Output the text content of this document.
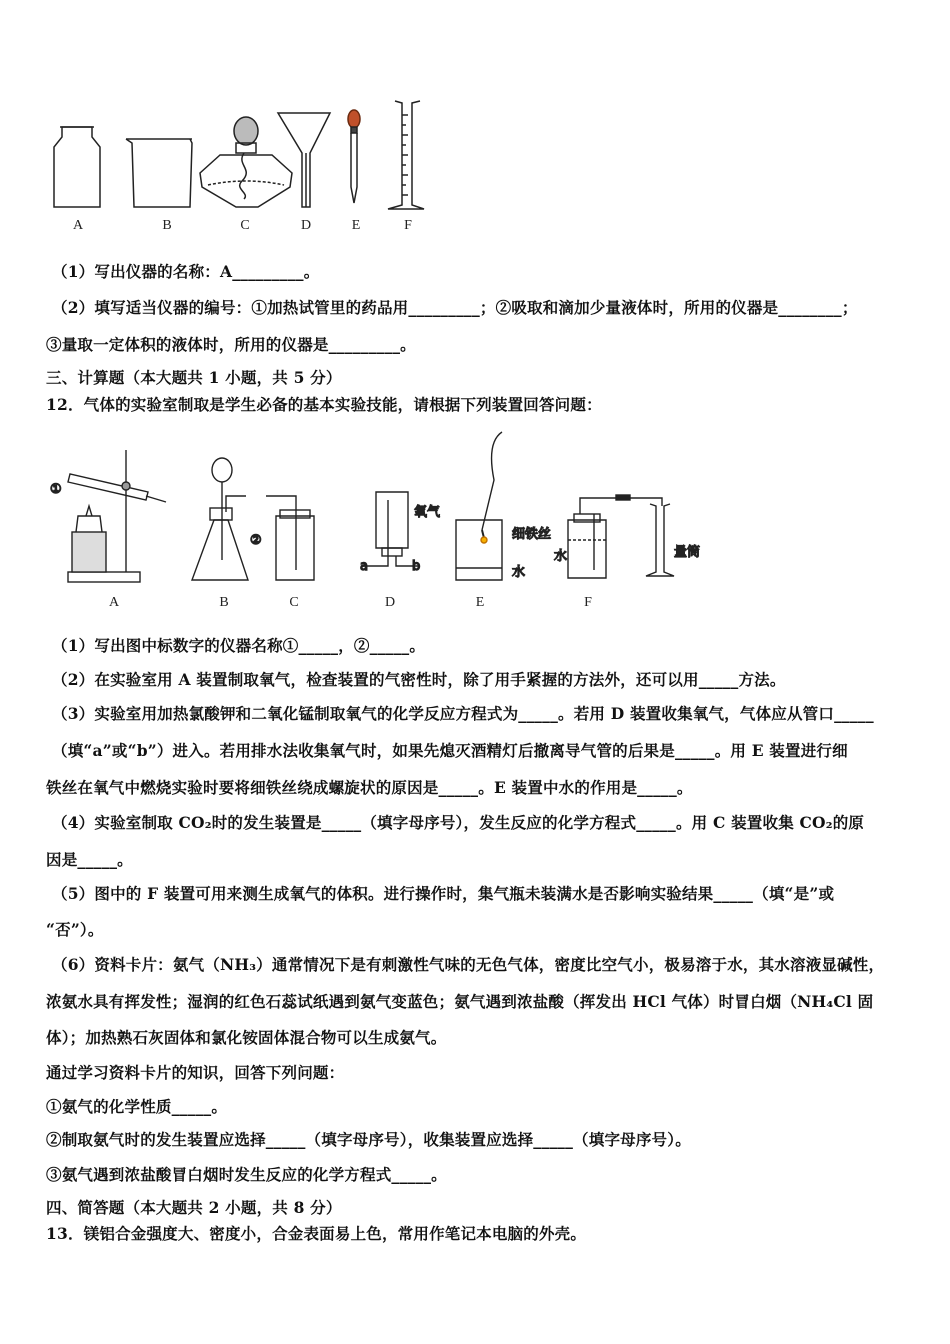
A	B	C	D	E	F
（1）写出仪器的名称：A_________。
（2）填写适当仪器的编号：①加热试管里的药品用_________；②吸取和滴加少量液体时，所用的仪器是________；
③量取一定体积的液体时，所用的仪器是_________。
三、计算题（本大题共 1 小题，共 5 分）
12．气体的实验室制取是学生必备的基本实验技能，请根据下列装置回答问题：
①
②
a	b
氧气
细铁丝
水
水	量筒
A	B	C	D	E	F
（1）写出图中标数字的仪器名称①_____，②_____。
（2）在实验室用 A 装置制取氧气，检查装置的气密性时，除了用手紧握的方法外，还可以用_____方法。
（3）实验室用加热氯酸钾和二氧化锰制取氧气的化学反应方程式为_____。若用 D 装置收集氧气，气体应从管口_____
（填“a”或“b”）进入。若用排水法收集氧气时，如果先熄灭酒精灯后撤离导气管的后果是_____。用 E 装置进行细
铁丝在氧气中燃烧实验时要将细铁丝绕成螺旋状的原因是_____。E 装置中水的作用是_____。
（4）实验室制取 CO₂时的发生装置是_____（填字母序号），发生反应的化学方程式_____。用 C 装置收集 CO₂的原
因是_____。
（5）图中的 F 装置可用来测生成氧气的体积。进行操作时，集气瓶未装满水是否影响实验结果_____（填“是”或
“否”）。
（6）资料卡片：氨气（NH₃）通常情况下是有刺激性气味的无色气体，密度比空气小，极易溶于水，其水溶液显碱性，
浓氨水具有挥发性；湿润的红色石蕊试纸遇到氨气变蓝色；氨气遇到浓盐酸（挥发出 HCl 气体）时冒白烟（NH₄Cl 固
体）；加热熟石灰固体和氯化铵固体混合物可以生成氨气。
通过学习资料卡片的知识，回答下列问题：
①氨气的化学性质_____。
②制取氨气时的发生装置应选择_____（填字母序号），收集装置应选择_____（填字母序号）。
③氨气遇到浓盐酸冒白烟时发生反应的化学方程式_____。
四、简答题（本大题共 2 小题，共 8 分）
13．镁铝合金强度大、密度小，合金表面易上色，常用作笔记本电脑的外壳。
